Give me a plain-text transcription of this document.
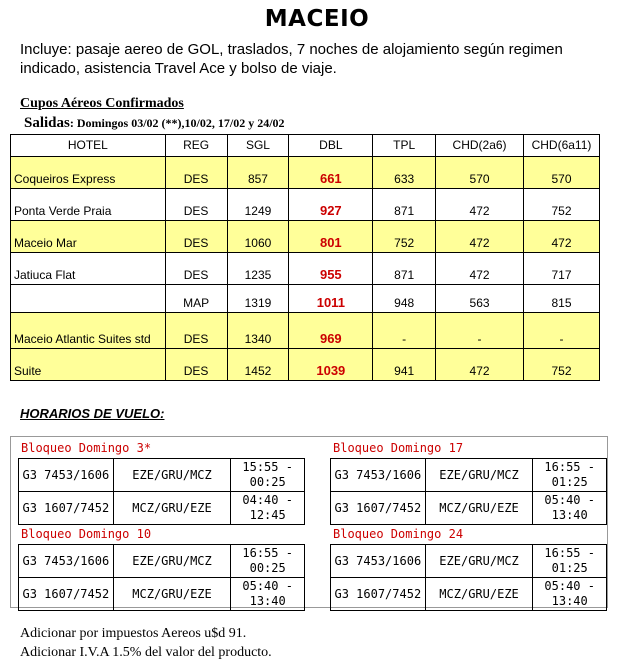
MACEIO
Incluye: pasaje aereo de GOL, traslados, 7 noches de alojamiento según regimen indicado, asistencia Travel Ace y bolso de viaje.
Cupos Aéreos Confirmados
Salidas: Domingos 03/02 (**),10/02, 17/02 y 24/02
HOTEL	REG	SGL	DBL	TPL	CHD(2a6)	CHD(6a11)
Coqueiros Express	DES	857	661	633	570	570
Ponta Verde Praia	DES	1249	927	871	472	752
Maceio Mar	DES	1060	801	752	472	472
Jatiuca Flat	DES	1235	955	871	472	717
	MAP	1319	1011	948	563	815
Maceio Atlantic Suites std	DES	1340	969	-	-	-
Suite	DES	1452	1039	941	472	752
HORARIOS DE VUELO:
Bloqueo Domingo 3*
G3 7453/1606	EZE/GRU/MCZ	15:55 - 00:25
G3 1607/7452	MCZ/GRU/EZE	04:40 - 12:45
Bloqueo Domingo 17
G3 7453/1606	EZE/GRU/MCZ	16:55 - 01:25
G3 1607/7452	MCZ/GRU/EZE	05:40 - 13:40
Bloqueo Domingo 10
G3 7453/1606	EZE/GRU/MCZ	16:55 - 00:25
G3 1607/7452	MCZ/GRU/EZE	05:40 - 13:40
Bloqueo Domingo 24
G3 7453/1606	EZE/GRU/MCZ	16:55 - 01:25
G3 1607/7452	MCZ/GRU/EZE	05:40 - 13:40
Adicionar por impuestos Aereos u$d 91.
Adicionar I.V.A 1.5% del valor del producto.
